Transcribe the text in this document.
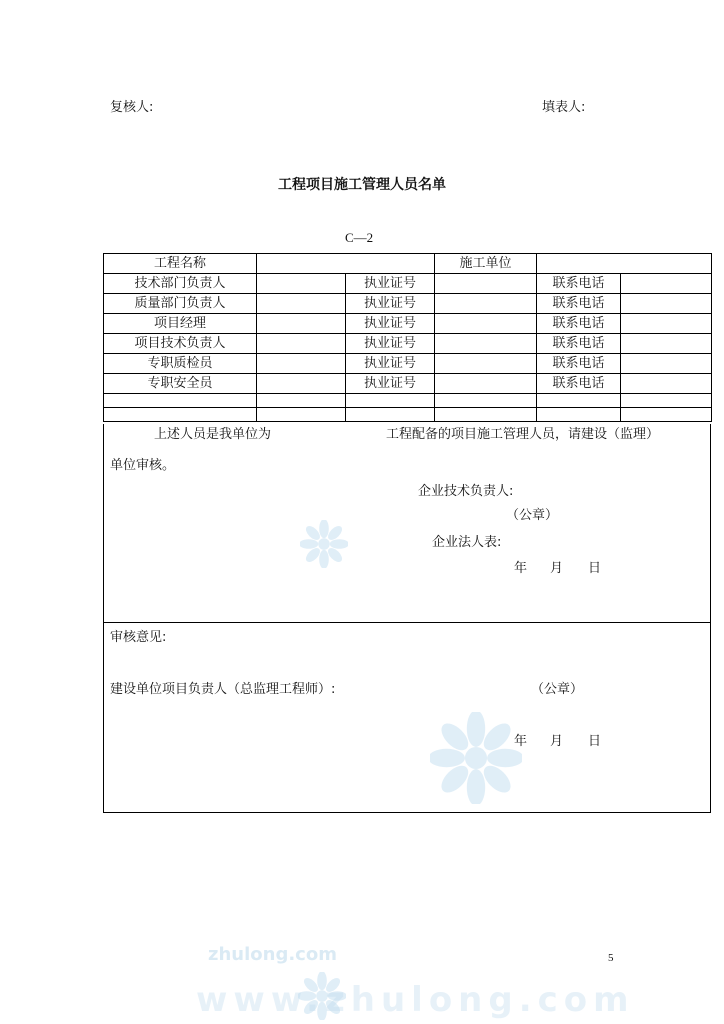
复核人:	填表人:
工程项目施工管理人员名单
C—2
工程名称			施工单位		
技术部门负责人		执业证号		联系电话	
质量部门负责人		执业证号		联系电话	
项目经理		执业证号		联系电话	
项目技术负责人		执业证号		联系电话	
专职质检员		执业证号		联系电话	
专职安全员		执业证号		联系电话	

上述人员是我单位为	工程配备的项目施工管理人员，请建设（监理）
单位审核。
企业技术负责人:
（公章）
企业法人表:
年 月 日
审核意见:
建设单位项目负责人（总监理工程师）:	（公章）
年 月 日
zhulong.com
www.zhulong.com
5
